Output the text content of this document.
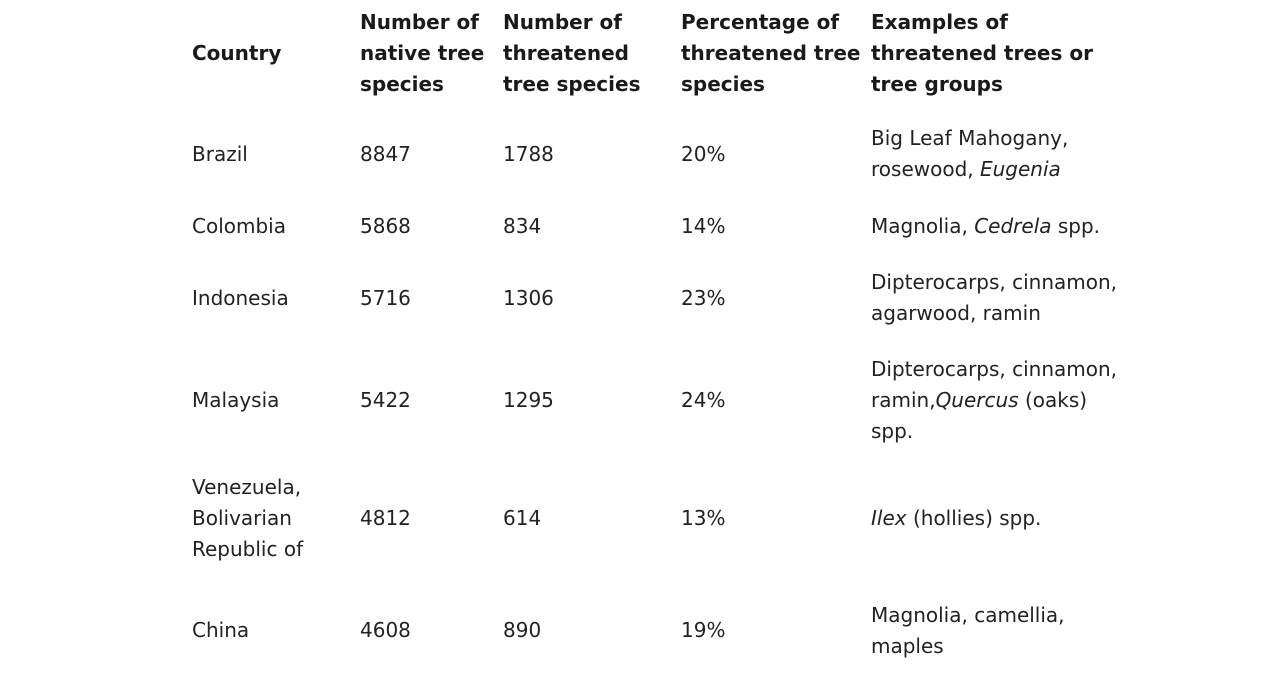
Country	Number of native tree species	Number of threatened tree species	Percentage of threatened tree species	Examples of threatened trees or tree groups
Brazil	8847	1788	20%	Big Leaf Mahogany, rosewood, Eugenia
Colombia	5868	834	14%	Magnolia, Cedrela spp.
Indonesia	5716	1306	23%	Dipterocarps, cinnamon, agarwood, ramin
Malaysia	5422	1295	24%	Dipterocarps, cinnamon, ramin,Quercus (oaks) spp.
Venezuela, Bolivarian Republic of	4812	614	13%	Ilex (hollies) spp.
China	4608	890	19%	Magnolia, camellia, maples
